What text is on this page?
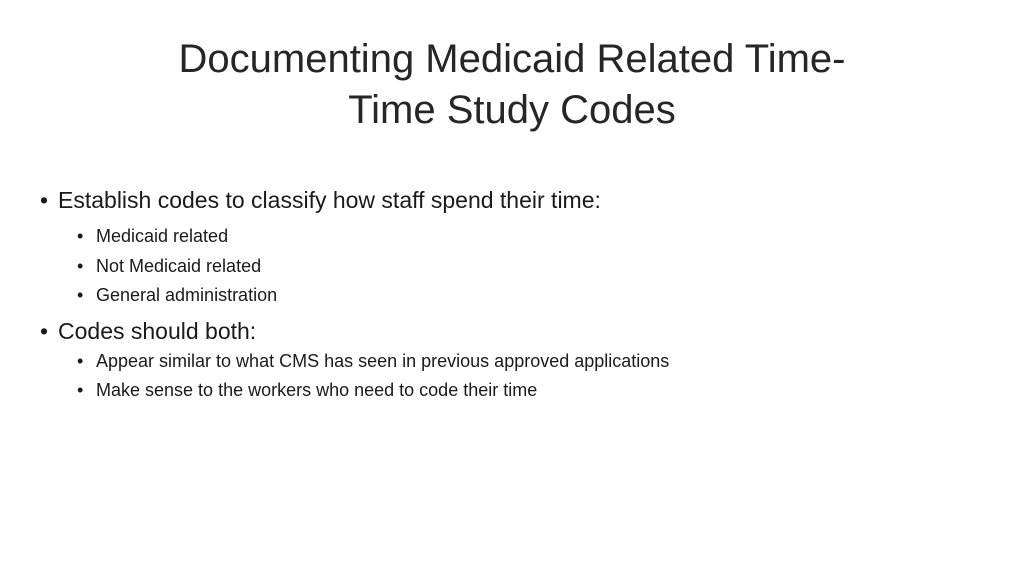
Documenting Medicaid Related Time-
Time Study Codes
• Establish codes to classify how staff spend their time:
• Medicaid related
• Not Medicaid related
• General administration
• Codes should both:
• Appear similar to what CMS has seen in previous approved applications
• Make sense to the workers who need to code their time
